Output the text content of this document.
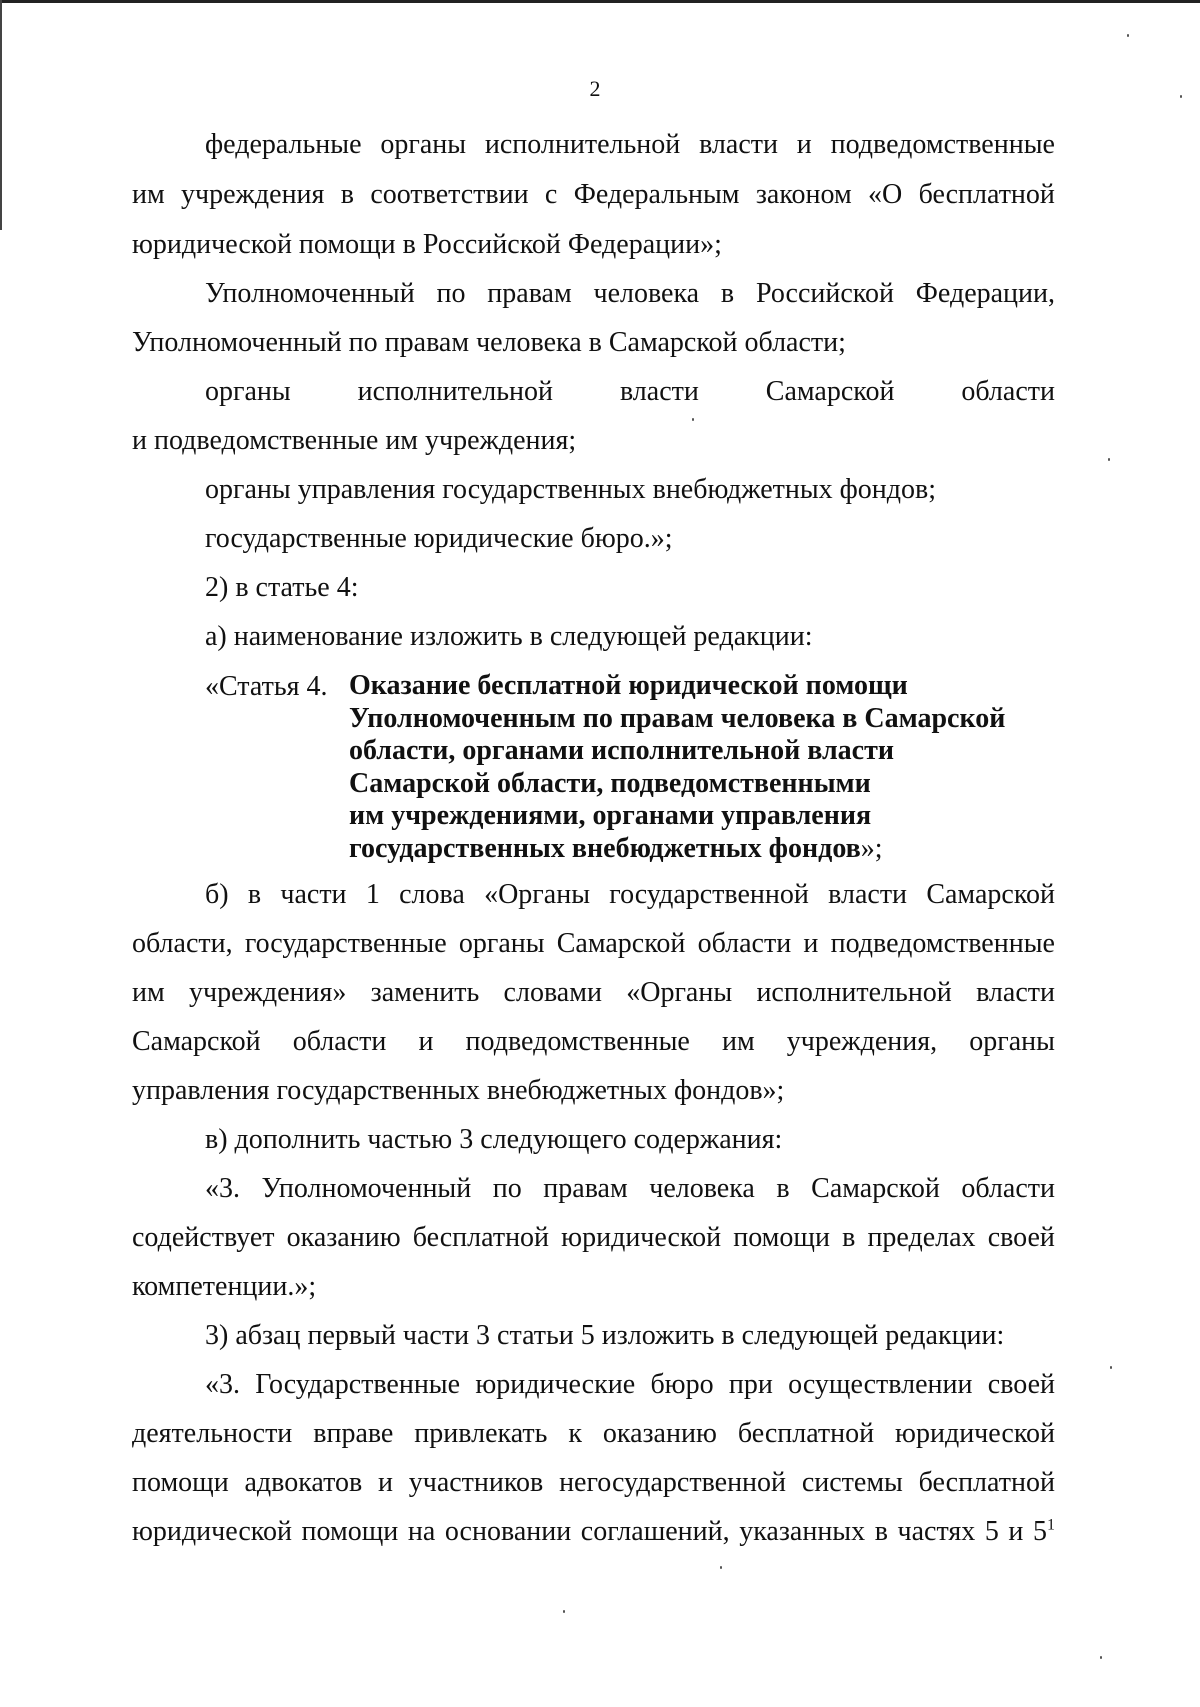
2
федеральные органы исполнительной власти и подведомственные
им учреждения в соответствии с Федеральным законом «О бесплатной
юридической помощи в Российской Федерации»;
Уполномоченный по правам человека в Российской Федерации,
Уполномоченный по правам человека в Самарской области;
органы исполнительной власти Самарской области
и подведомственные им учреждения;
органы управления государственных внебюджетных фондов;
государственные юридические бюро.»;
2) в статье 4:
а) наименование изложить в следующей редакции:
«Статья 4. Оказание бесплатной юридической помощи
Уполномоченным по правам человека в Самарской
области, органами исполнительной власти
Самарской области, подведомственными
им учреждениями, органами управления
государственных внебюджетных фондов»;
б) в части 1 слова «Органы государственной власти Самарской
области, государственные органы Самарской области и подведомственные
им учреждения» заменить словами «Органы исполнительной власти
Самарской области и подведомственные им учреждения, органы
управления государственных внебюджетных фондов»;
в) дополнить частью 3 следующего содержания:
«3. Уполномоченный по правам человека в Самарской области
содействует оказанию бесплатной юридической помощи в пределах своей
компетенции.»;
3) абзац первый части 3 статьи 5 изложить в следующей редакции:
«3. Государственные юридические бюро при осуществлении своей
деятельности вправе привлекать к оказанию бесплатной юридической
помощи адвокатов и участников негосударственной системы бесплатной
юридической помощи на основании соглашений, указанных в частях 5 и $5^1$
